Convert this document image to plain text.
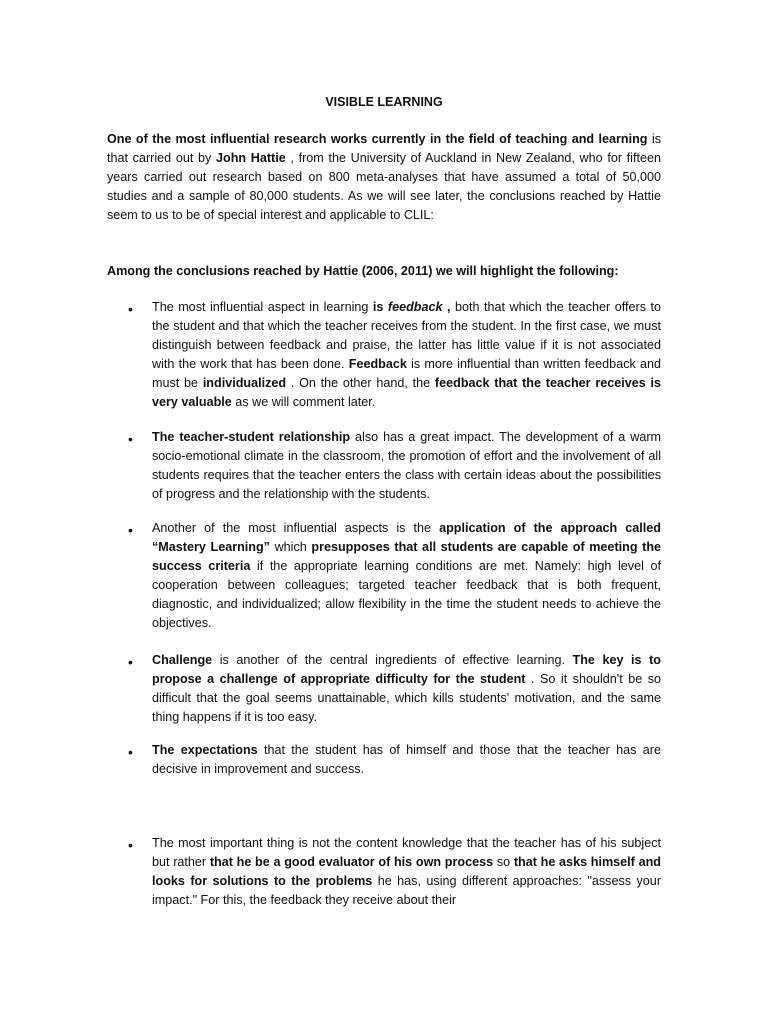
VISIBLE LEARNING

One of the most influential research works currently in the field of teaching and learning is that carried out by John Hattie , from the University of Auckland in New Zealand, who for fifteen years carried out research based on 800 meta-analyses that have assumed a total of 50,000 studies and a sample of 80,000 students. As we will see later, the conclusions reached by Hattie seem to us to be of special interest and applicable to CLIL:

Among the conclusions reached by Hattie (2006, 2011) we will highlight the following:

• The most influential aspect in learning is feedback , both that which the teacher offers to the student and that which the teacher receives from the student. In the first case, we must distinguish between feedback and praise, the latter has little value if it is not associated with the work that has been done. Feedback is more influential than written feedback and must be individualized . On the other hand, the feedback that the teacher receives is very valuable as we will comment later.

• The teacher-student relationship also has a great impact. The development of a warm socio-emotional climate in the classroom, the promotion of effort and the involvement of all students requires that the teacher enters the class with certain ideas about the possibilities of progress and the relationship with the students.

• Another of the most influential aspects is the application of the approach called “Mastery Learning” which presupposes that all students are capable of meeting the success criteria if the appropriate learning conditions are met. Namely: high level of cooperation between colleagues; targeted teacher feedback that is both frequent, diagnostic, and individualized; allow flexibility in the time the student needs to achieve the objectives.

• Challenge is another of the central ingredients of effective learning. The key is to propose a challenge of appropriate difficulty for the student . So it shouldn't be so difficult that the goal seems unattainable, which kills students' motivation, and the same thing happens if it is too easy.

• The expectations that the student has of himself and those that the teacher has are decisive in improvement and success.

• The most important thing is not the content knowledge that the teacher has of his subject but rather that he be a good evaluator of his own process so that he asks himself and looks for solutions to the problems he has, using different approaches: "assess your impact." For this, the feedback they receive about their
